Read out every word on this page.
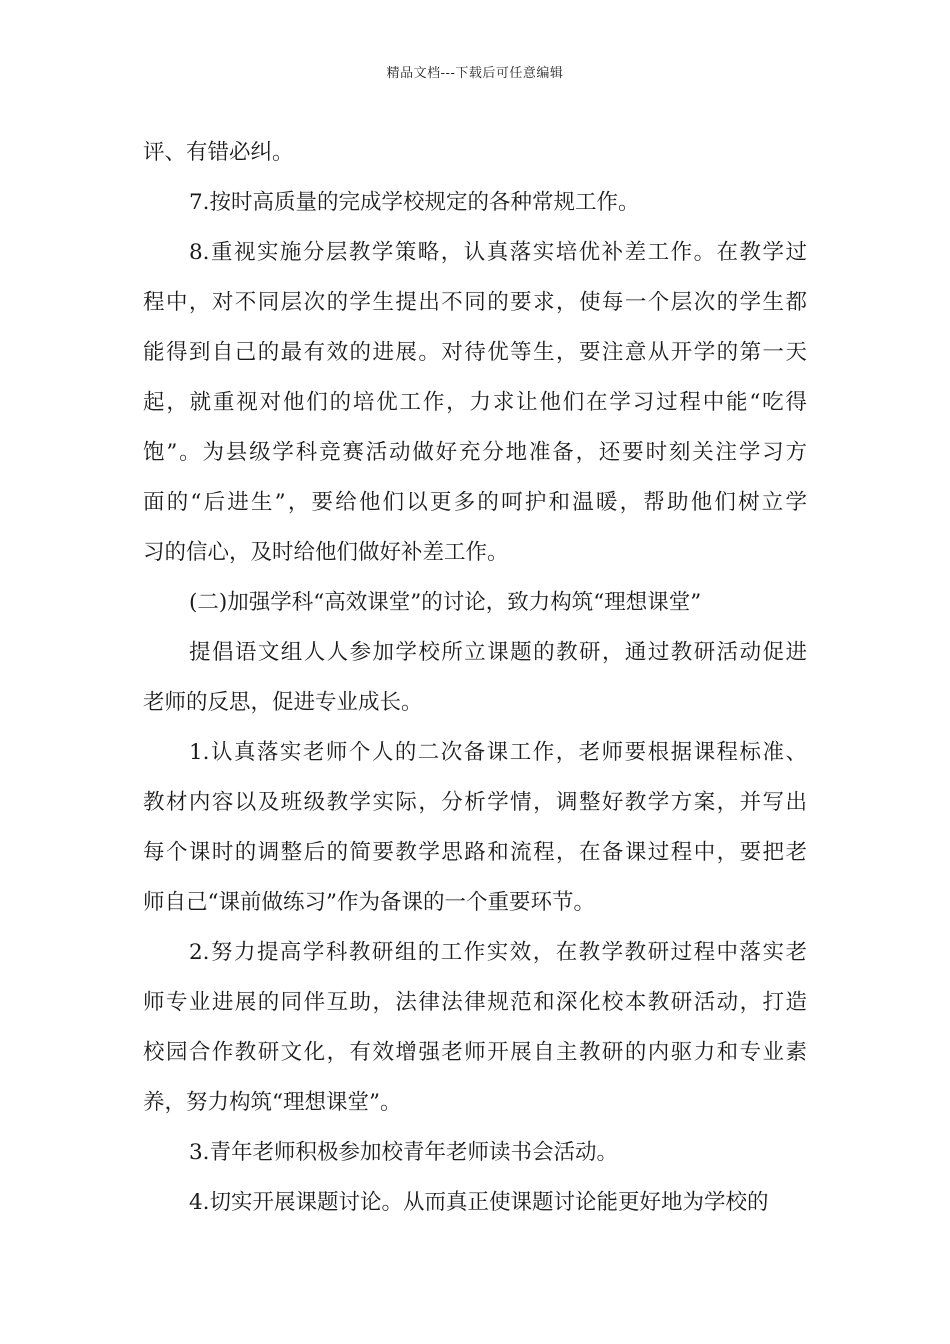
精品文档---下载后可任意编辑
评、有错必纠。
7.按时高质量的完成学校规定的各种常规工作。
8.重视实施分层教学策略，认真落实培优补差工作。在教学过
程中，对不同层次的学生提出不同的要求，使每一个层次的学生都
能得到自己的最有效的进展。对待优等生，要注意从开学的第一天
起，就重视对他们的培优工作，力求让他们在学习过程中能“吃得
饱”。为县级学科竞赛活动做好充分地准备，还要时刻关注学习方
面的“后进生”，要给他们以更多的呵护和温暖，帮助他们树立学
习的信心，及时给他们做好补差工作。
(二)加强学科“高效课堂”的讨论，致力构筑“理想课堂”
提倡语文组人人参加学校所立课题的教研，通过教研活动促进
老师的反思，促进专业成长。
1.认真落实老师个人的二次备课工作，老师要根据课程标准、
教材内容以及班级教学实际，分析学情，调整好教学方案，并写出
每个课时的调整后的简要教学思路和流程，在备课过程中，要把老
师自己“课前做练习”作为备课的一个重要环节。
2.努力提高学科教研组的工作实效，在教学教研过程中落实老
师专业进展的同伴互助，法律法律规范和深化校本教研活动，打造
校园合作教研文化，有效增强老师开展自主教研的内驱力和专业素
养，努力构筑“理想课堂”。
3.青年老师积极参加校青年老师读书会活动。
4.切实开展课题讨论。从而真正使课题讨论能更好地为学校的
